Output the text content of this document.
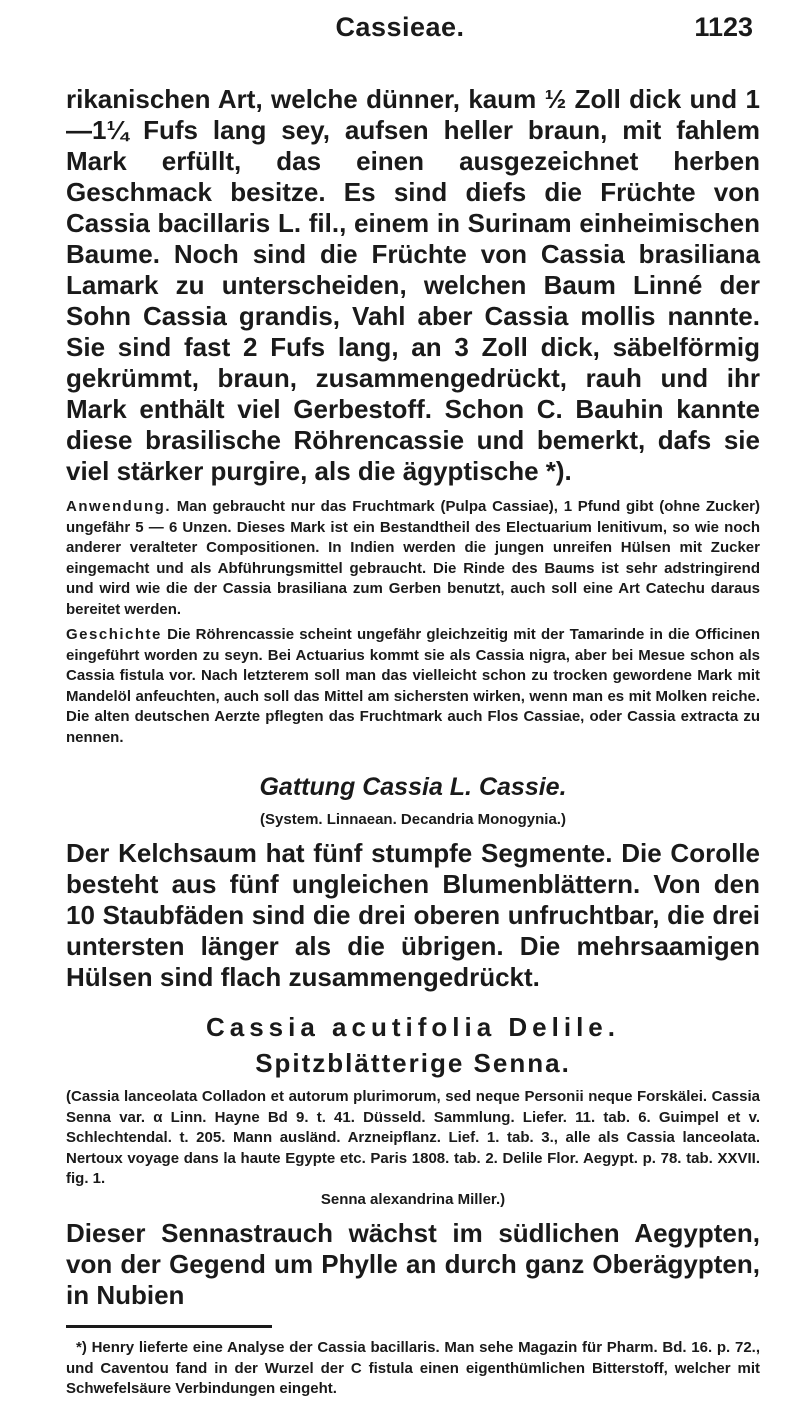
Cassieae.	1123

rikanischen Art, welche dünner, kaum ½ Zoll dick und 1—1¼ Fufs lang sey, aufsen heller braun, mit fahlem Mark erfüllt, das einen ausgezeichnet herben Geschmack besitze. Es sind diefs die Früchte von Cassia bacillaris L. fil., einem in Surinam einheimischen Baume. Noch sind die Früchte von Cassia brasiliana Lamark zu unterscheiden, welchen Baum Linné der Sohn Cassia grandis, Vahl aber Cassia mollis nannte. Sie sind fast 2 Fufs lang, an 3 Zoll dick, säbelförmig gekrümmt, braun, zusammengedrückt, rauh und ihr Mark enthält viel Gerbestoff. Schon C. Bauhin kannte diese brasilische Röhrencassie und bemerkt, dafs sie viel stärker purgire, als die ägyptische *).

Anwendung. Man gebraucht nur das Fruchtmark (Pulpa Cassiae), 1 Pfund gibt (ohne Zucker) ungefähr 5 — 6 Unzen. Dieses Mark ist ein Bestandtheil des Electuarium lenitivum, so wie noch anderer veralteter Compositionen. In Indien werden die jungen unreifen Hülsen mit Zucker eingemacht und als Abführungsmittel gebraucht. Die Rinde des Baums ist sehr adstringirend und wird wie die der Cassia brasiliana zum Gerben benutzt, auch soll eine Art Catechu daraus bereitet werden.

Geschichte Die Röhrencassie scheint ungefähr gleichzeitig mit der Tamarinde in die Officinen eingeführt worden zu seyn. Bei Actuarius kommt sie als Cassia nigra, aber bei Mesue schon als Cassia fistula vor. Nach letzterem soll man das vielleicht schon zu trocken gewordene Mark mit Mandelöl anfeuchten, auch soll das Mittel am sichersten wirken, wenn man es mit Molken reiche. Die alten deutschen Aerzte pflegten das Fruchtmark auch Flos Cassiae, oder Cassia extracta zu nennen.

Gattung Cassia L. Cassie.

(System. Linnaean. Decandria Monogynia.)

Der Kelchsaum hat fünf stumpfe Segmente. Die Corolle besteht aus fünf ungleichen Blumenblättern. Von den 10 Staubfäden sind die drei oberen unfruchtbar, die drei untersten länger als die übrigen. Die mehrsaamigen Hülsen sind flach zusammengedrückt.

Cassia acutifolia Delile.
Spitzblätterige Senna.

(Cassia lanceolata Colladon et autorum plurimorum, sed neque Personii neque Forskälei. Cassia Senna var. α Linn. Hayne Bd 9. t. 41. Düsseld. Sammlung. Liefer. 11. tab. 6. Guimpel et v. Schlechtendal. t. 205. Mann ausländ. Arzneipflanz. Lief. 1. tab. 3., alle als Cassia lanceolata. Nertoux voyage dans la haute Egypte etc. Paris 1808. tab. 2. Delile Flor. Aegypt. p. 78. tab. XXVII. fig. 1.
Senna alexandrina Miller.)

Dieser Sennastrauch wächst im südlichen Aegypten, von der Gegend um Phylle an durch ganz Oberägypten, in Nubien

*) Henry lieferte eine Analyse der Cassia bacillaris. Man sehe Magazin für Pharm. Bd. 16. p. 72., und Caventou fand in der Wurzel der C fistula einen eigenthümlichen Bitterstoff, welcher mit Schwefelsäure Verbindungen eingeht.
